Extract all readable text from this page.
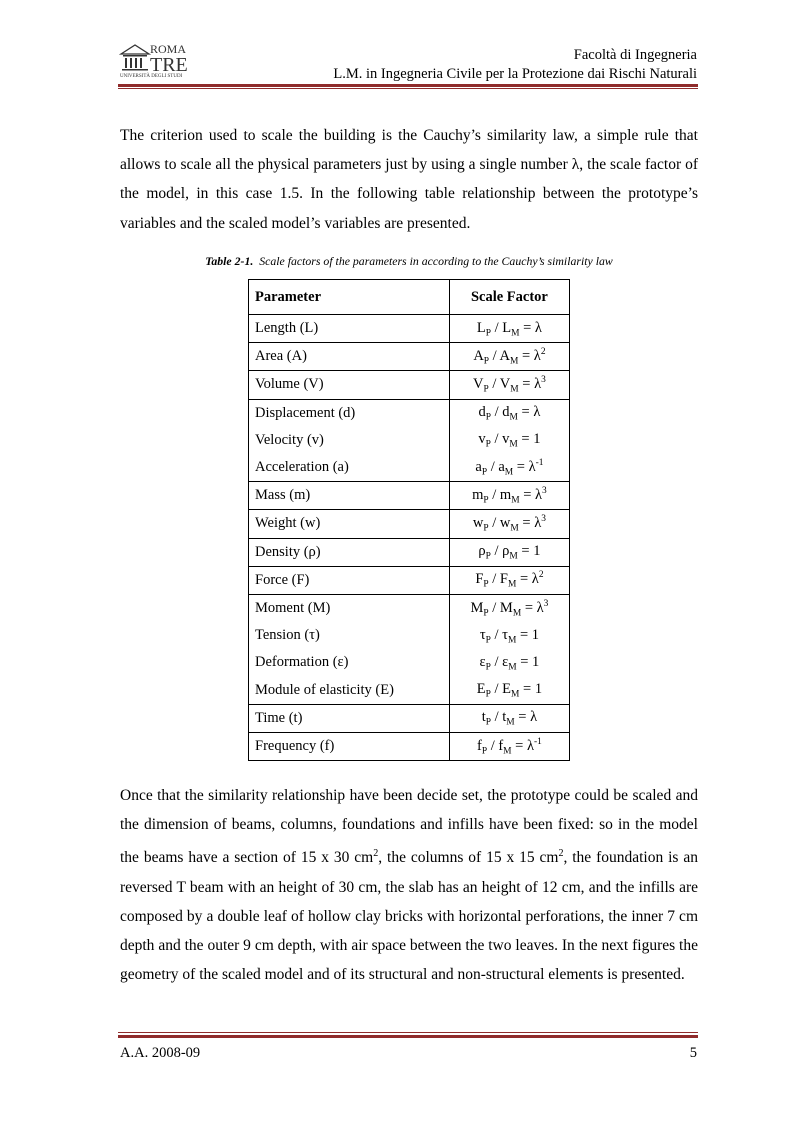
ROMA
TRE
UNIVERSITÀ DEGLI STUDI
Facoltà di Ingegneria
L.M. in Ingegneria Civile per la Protezione dai Rischi Naturali

The criterion used to scale the building is the Cauchy’s similarity law, a simple rule that allows to scale all the physical parameters just by using a single number λ, the scale factor of the model, in this case 1.5. In the following table relationship between the prototype’s variables and the scaled model’s variables are presented.

Table 2-1. Scale factors of the parameters in according to the Cauchy’s similarity law
Parameter	Scale Factor
Length (L)	$L_P / L_M = \lambda$
Area (A)	$A_P / A_M = \lambda^2$
Volume (V)	$V_P / V_M = \lambda^3$
Displacement (d)	$d_P / d_M = \lambda$
Velocity (v)	$v_P / v_M = 1$
Acceleration (a)	$a_P / a_M = \lambda^{-1}$
Mass (m)	$m_P / m_M = \lambda^3$
Weight (w)	$w_P / w_M = \lambda^3$
Density (ρ)	$\rho_P / \rho_M = 1$
Force (F)	$F_P / F_M = \lambda^2$
Moment (M)	$M_P / M_M = \lambda^3$
Tension (τ)	$\tau_P / \tau_M = 1$
Deformation (ε)	$\varepsilon_P / \varepsilon_M = 1$
Module of elasticity (E)	$E_P / E_M = 1$
Time (t)	$t_P / t_M = \lambda$
Frequency (f)	$f_P / f_M = \lambda^{-1}$

Once that the similarity relationship have been decide set, the prototype could be scaled and the dimension of beams, columns, foundations and infills have been fixed: so in the model the beams have a section of 15 x 30 $cm^2$, the columns of 15 x 15 $cm^2$, the foundation is an reversed T beam with an height of 30 cm, the slab has an height of 12 cm, and the infills are composed by a double leaf of hollow clay bricks with horizontal perforations, the inner 7 cm depth and the outer 9 cm depth, with air space between the two leaves. In the next figures the geometry of the scaled model and of its structural and non-structural elements is presented.

A.A. 2008-09	5
